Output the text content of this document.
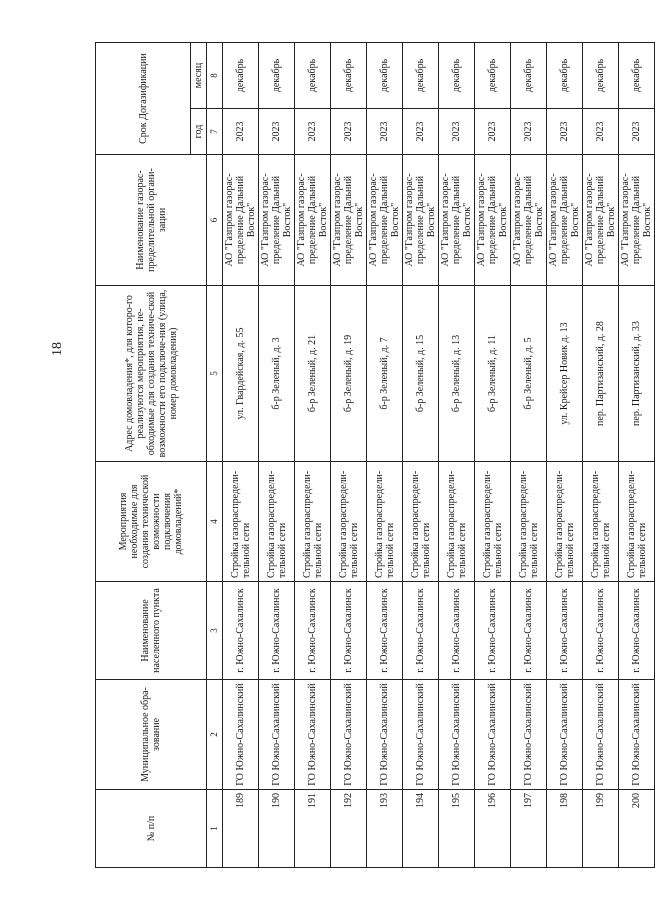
18
№ п/п	Муниципальное обра-зование	Наименование населенного пункта	Мероприятия необходимые для создания технической возможности подключения домовладений*	Адрес домовладения*, для которо-го реализуются мероприятия, не-обходимые для создания техниче-ской возможности его подключе-ния (улица, номер домовладения)	Наименование газорас-пределительной органи-зации	Срок Догазификации	
						год	месяц
1	2	3	4	5	6	7	8
189	ГО Южно-Сахалинский	г. Южно-Сахалинск	Стройка газораспредели-тельной сети	ул. Гвардейская, д. 55	АО "Газпром газорас-пределение Дальний Восток"	2023	декабрь
190	ГО Южно-Сахалинский	г. Южно-Сахалинск	Стройка газораспредели-тельной сети	б-р Зеленый, д. 3	АО "Газпром газорас-пределение Дальний Восток"	2023	декабрь
191	ГО Южно-Сахалинский	г. Южно-Сахалинск	Стройка газораспредели-тельной сети	б-р Зеленый, д. 21	АО "Газпром газорас-пределение Дальний Восток"	2023	декабрь
192	ГО Южно-Сахалинский	г. Южно-Сахалинск	Стройка газораспредели-тельной сети	б-р Зеленый, д. 19	АО "Газпром газорас-пределение Дальний Восток"	2023	декабрь
193	ГО Южно-Сахалинский	г. Южно-Сахалинск	Стройка газораспредели-тельной сети	б-р Зеленый, д. 7	АО "Газпром газорас-пределение Дальний Восток"	2023	декабрь
194	ГО Южно-Сахалинский	г. Южно-Сахалинск	Стройка газораспредели-тельной сети	б-р Зеленый, д. 15	АО "Газпром газорас-пределение Дальний Восток"	2023	декабрь
195	ГО Южно-Сахалинский	г. Южно-Сахалинск	Стройка газораспредели-тельной сети	б-р Зеленый, д. 13	АО "Газпром газорас-пределение Дальний Восток"	2023	декабрь
196	ГО Южно-Сахалинский	г. Южно-Сахалинск	Стройка газораспредели-тельной сети	б-р Зеленый, д. 11	АО "Газпром газорас-пределение Дальний Восток"	2023	декабрь
197	ГО Южно-Сахалинский	г. Южно-Сахалинск	Стройка газораспредели-тельной сети	б-р Зеленый, д. 5	АО "Газпром газорас-пределение Дальний Восток"	2023	декабрь
198	ГО Южно-Сахалинский	г. Южно-Сахалинск	Стройка газораспредели-тельной сети	ул. Крейсер Новик д. 13	АО "Газпром газорас-пределение Дальний Восток"	2023	декабрь
199	ГО Южно-Сахалинский	г. Южно-Сахалинск	Стройка газораспредели-тельной сети	пер. Партизанский, д. 28	АО "Газпром газорас-пределение Дальний Восток"	2023	декабрь
200	ГО Южно-Сахалинский	г. Южно-Сахалинск	Стройка газораспредели-тельной сети	пер. Партизанский, д. 33	АО "Газпром газорас-пределение Дальний Восток"	2023	декабрь
